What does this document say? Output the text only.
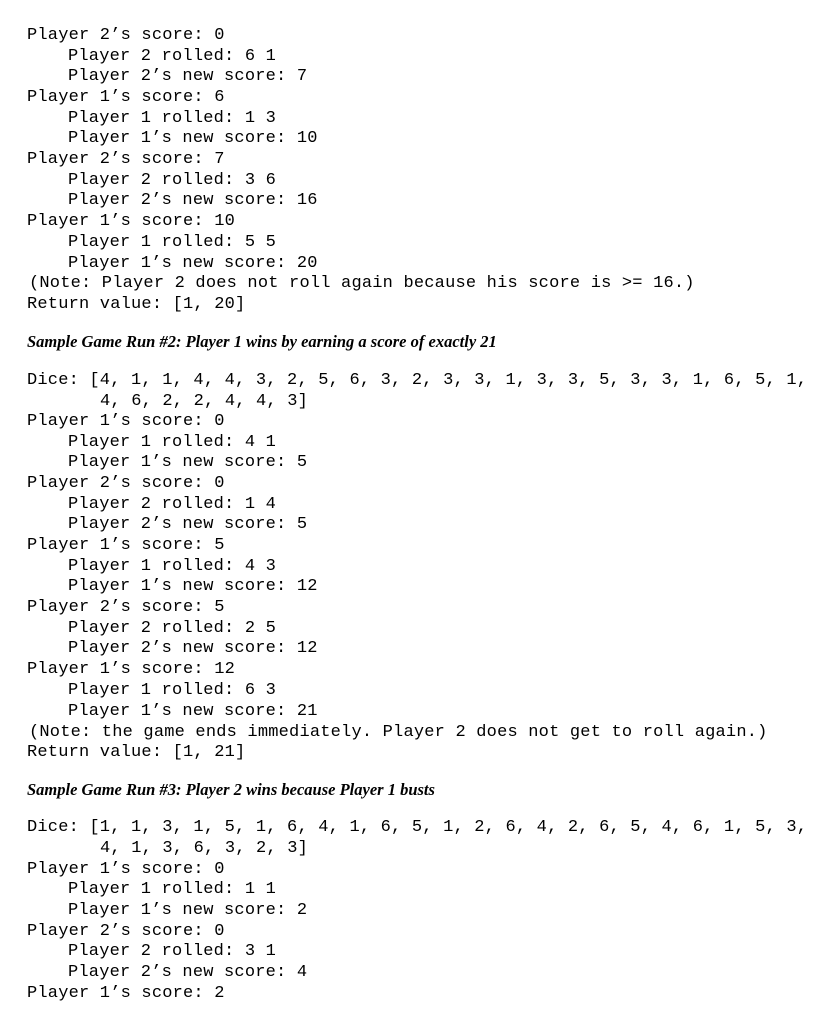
Player 2’s score: 0
Player 2 rolled: 6 1
Player 2’s new score: 7
Player 1’s score: 6
Player 1 rolled: 1 3
Player 1’s new score: 10
Player 2’s score: 7
Player 2 rolled: 3 6
Player 2’s new score: 16
Player 1’s score: 10
Player 1 rolled: 5 5
Player 1’s new score: 20
(Note: Player 2 does not roll again because his score is >= 16.)
Return value: [1, 20]
Sample Game Run #2: Player 1 wins by earning a score of exactly 21
Dice: [4, 1, 1, 4, 4, 3, 2, 5, 6, 3, 2, 3, 3, 1, 3, 3, 5, 3, 3, 1, 6, 5, 1,
4, 6, 2, 2, 4, 4, 3]
Player 1’s score: 0
Player 1 rolled: 4 1
Player 1’s new score: 5
Player 2’s score: 0
Player 2 rolled: 1 4
Player 2’s new score: 5
Player 1’s score: 5
Player 1 rolled: 4 3
Player 1’s new score: 12
Player 2’s score: 5
Player 2 rolled: 2 5
Player 2’s new score: 12
Player 1’s score: 12
Player 1 rolled: 6 3
Player 1’s new score: 21
(Note: the game ends immediately. Player 2 does not get to roll again.)
Return value: [1, 21]
Sample Game Run #3: Player 2 wins because Player 1 busts
Dice: [1, 1, 3, 1, 5, 1, 6, 4, 1, 6, 5, 1, 2, 6, 4, 2, 6, 5, 4, 6, 1, 5, 3,
4, 1, 3, 6, 3, 2, 3]
Player 1’s score: 0
Player 1 rolled: 1 1
Player 1’s new score: 2
Player 2’s score: 0
Player 2 rolled: 3 1
Player 2’s new score: 4
Player 1’s score: 2
